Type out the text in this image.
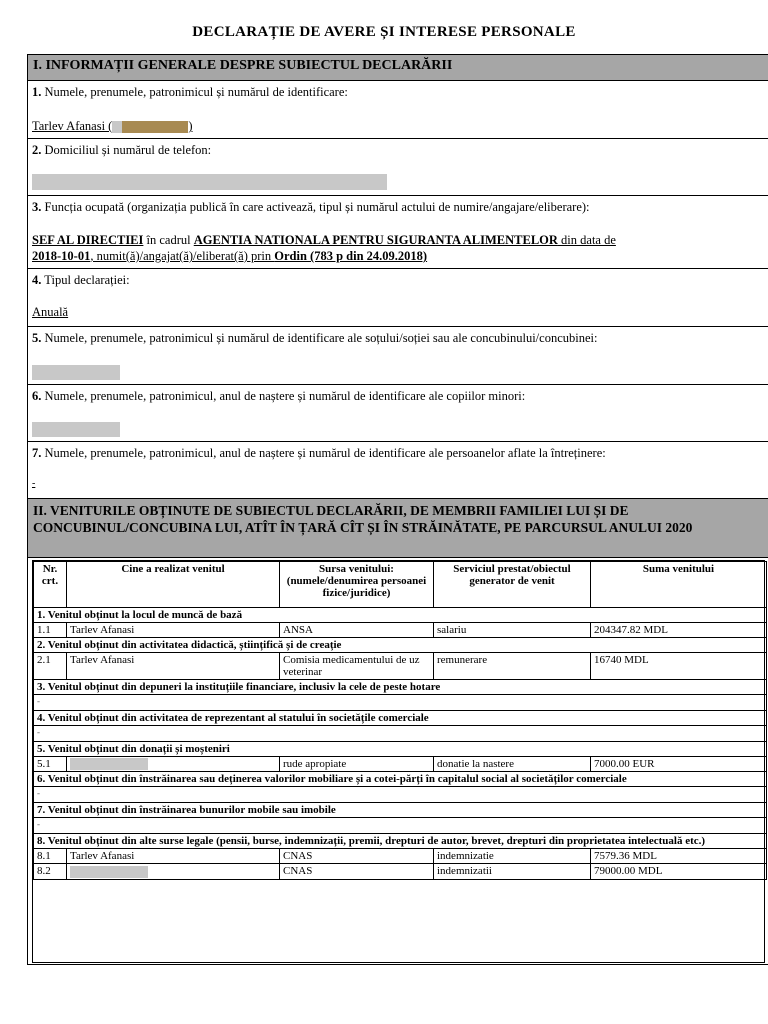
DECLARAȚIE DE AVERE ȘI INTERESE PERSONALE
I. INFORMAȚII GENERALE DESPRE SUBIECTUL DECLARĂRII
1. Numele, prenumele, patronimicul și numărul de identificare:
Tarlev Afanasi (	)
2. Domiciliul și numărul de telefon:
3. Funcția ocupată (organizația publică în care activează, tipul și numărul actului de numire/angajare/eliberare):
SEF AL DIRECTIEI în cadrul AGENTIA NATIONALA PENTRU SIGURANTA ALIMENTELOR din data de
2018-10-01, numit(ă)/angajat(ă)/eliberat(ă) prin Ordin (783 p din 24.09.2018)
4. Tipul declarației:
Anuală
5. Numele, prenumele, patronimicul și numărul de identificare ale soțului/soției sau ale concubinului/concubinei:
6. Numele, prenumele, patronimicul, anul de naștere și numărul de identificare ale copiilor minori:
7. Numele, prenumele, patronimicul, anul de naștere și numărul de identificare ale persoanelor aflate la întreținere:
-
II. VENITURILE OBȚINUTE DE SUBIECTUL DECLARĂRII, DE MEMBRII FAMILIEI LUI ȘI DE CONCUBINUL/CONCUBINA LUI, ATÎT ÎN ȚARĂ CÎT ȘI ÎN STRĂINĂTATE, PE PARCURSUL ANULUI 2020
Nr. crt.	Cine a realizat venitul	Sursa venitului: (numele/denumirea persoanei fizice/juridice)	Serviciul prestat/obiectul generator de venit	Suma venitului
1. Venitul obținut la locul de muncă de bază				
1.1	Tarlev Afanasi	ANSA	salariu	204347.82 MDL
2. Venitul obținut din activitatea didactică, științifică și de creație				
2.1	Tarlev Afanasi	Comisia medicamentului de uz veterinar	remunerare	16740 MDL
3. Venitul obținut din depuneri la instituțiile financiare, inclusiv la cele de peste hotare				
-				
4. Venitul obținut din activitatea de reprezentant al statului în societățile comerciale				
-				
5. Venitul obținut din donații și moșteniri				
5.1		rude apropiate	donatie la nastere	7000.00 EUR
6. Venitul obținut din înstrăinarea sau deținerea valorilor mobiliare și a cotei-părți în capitalul social al societăților comerciale				
-				
7. Venitul obținut din înstrăinarea bunurilor mobile sau imobile				
-				
8. Venitul obținut din alte surse legale (pensii, burse, indemnizații, premii, drepturi de autor, brevet, drepturi din proprietatea intelectuală etc.)				
8.1	Tarlev Afanasi	CNAS	indemnizatie	7579.36 MDL
8.2		CNAS	indemnizatii	79000.00 MDL
